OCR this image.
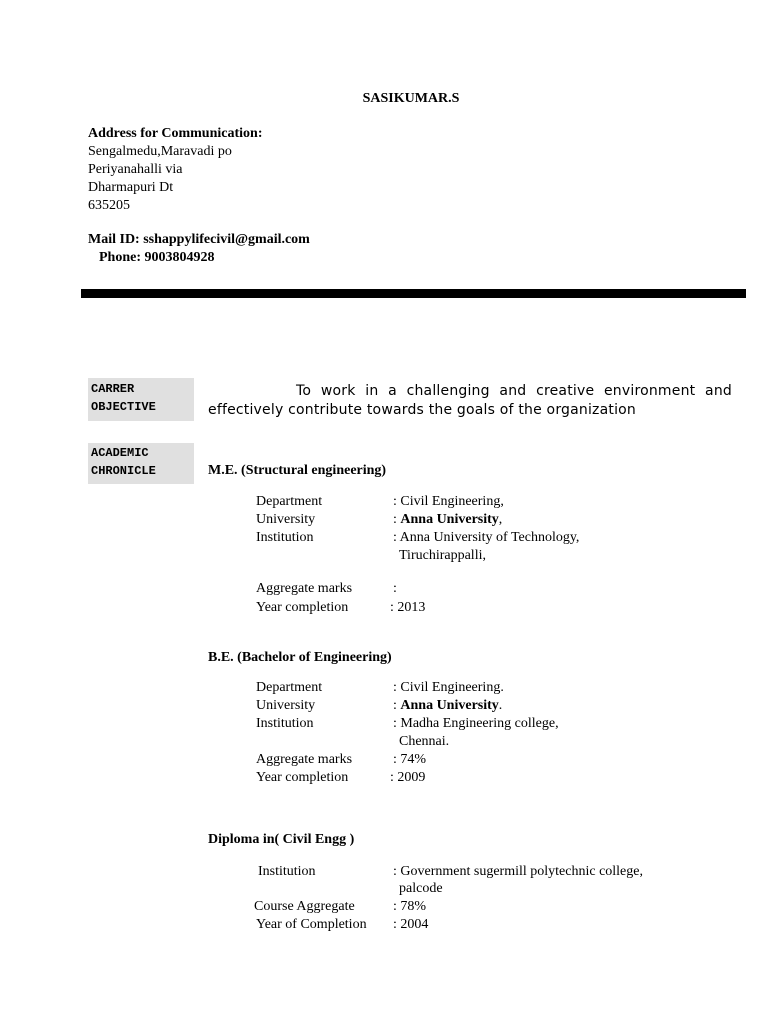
SASIKUMAR.S
Address for Communication:
Sengalmedu,Maravadi po
Periyanahalli via
Dharmapuri Dt
635205
Mail ID: sshappylifecivil@gmail.com
Phone: 9003804928
CARRER
OBJECTIVE
To work in a challenging and creative environment and effectively contribute towards the goals of the organization
ACADEMIC
CHRONICLE	M.E. (Structural engineering)
Department	: Civil Engineering,
University	: Anna University,
Institution	: Anna University of Technology,
Tiruchirappalli,
Aggregate marks	:
Year completion	: 2013
B.E. (Bachelor of Engineering)
Department	: Civil Engineering.
University	: Anna University.
Institution	: Madha Engineering college,
Chennai.
Aggregate marks	: 74%
Year completion	: 2009
Diploma in( Civil Engg )
Institution	: Government sugermill polytechnic college,
palcode
Course Aggregate	: 78%
Year of Completion	: 2004
